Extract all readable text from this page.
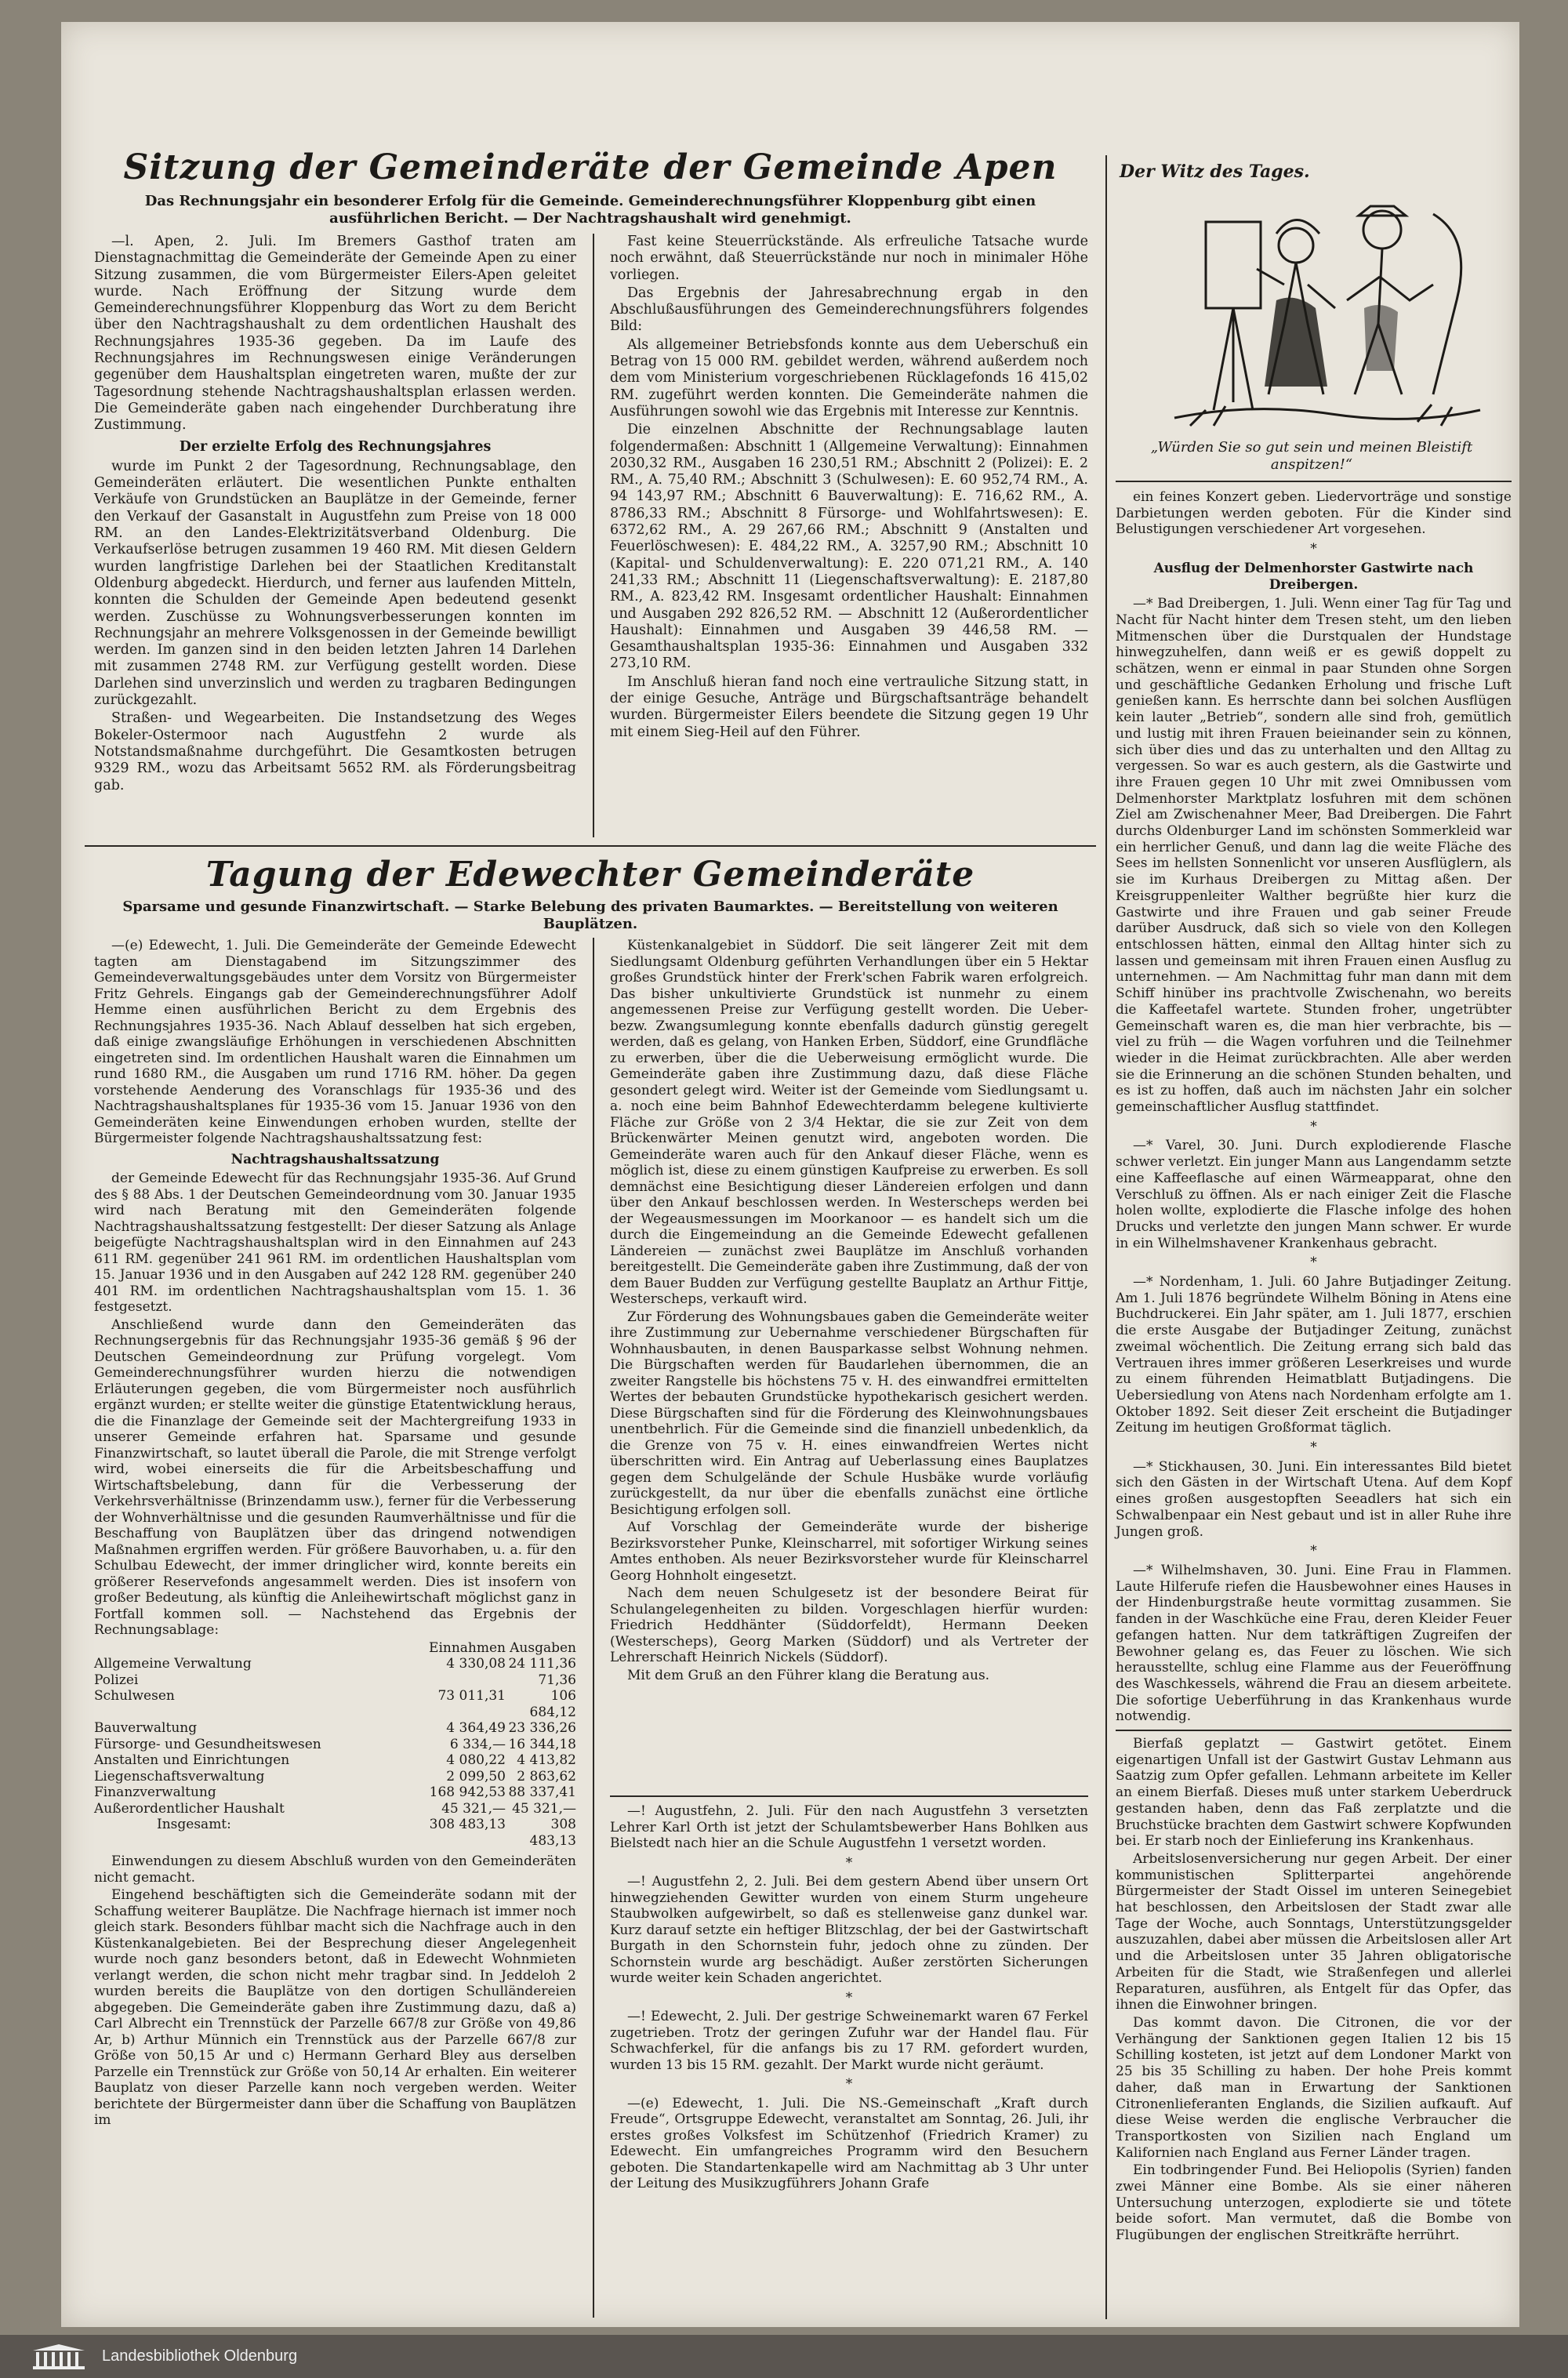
Sitzung der Gemeinderäte der Gemeinde Apen
Das Rechnungsjahr ein besonderer Erfolg für die Gemeinde. Gemeinderechnungsführer Kloppenburg gibt einen ausführlichen Bericht. — Der Nachtragshaushalt wird genehmigt.

—l. Apen, 2. Juli. Im Bremers Gasthof traten am Dienstagnachmittag die Gemeinderäte der Gemeinde Apen zu einer Sitzung zusammen, die vom Bürgermeister Eilers-Apen geleitet wurde. Nach Eröffnung der Sitzung wurde dem Gemeinderechnungsführer Kloppenburg das Wort zu dem Bericht über den Nachtragshaushalt zu dem ordentlichen Haushalt des Rechnungsjahres 1935-36 gegeben. Da im Laufe des Rechnungsjahres im Rechnungswesen einige Veränderungen gegenüber dem Haushaltsplan eingetreten waren, mußte der zur Tagesordnung stehende Nachtragshaushaltsplan erlassen werden. Die Gemeinderäte gaben nach eingehender Durchberatung ihre Zustimmung.

Der erzielte Erfolg des Rechnungsjahres

wurde im Punkt 2 der Tagesordnung, Rechnungsablage, den Gemeinderäten erläutert. Die wesentlichen Punkte enthalten Verkäufe von Grundstücken an Bauplätze in der Gemeinde, ferner den Verkauf der Gasanstalt in Augustfehn zum Preise von 18 000 RM. an den Landes-Elektrizitätsverband Oldenburg. Die Verkaufserlöse betrugen zusammen 19 460 RM. Mit diesen Geldern wurden langfristige Darlehen bei der Staatlichen Kreditanstalt Oldenburg abgedeckt. Hierdurch, und ferner aus laufenden Mitteln, konnten die Schulden der Gemeinde Apen bedeutend gesenkt werden. Zuschüsse zu Wohnungsverbesserungen konnten im Rechnungsjahr an mehrere Volksgenossen in der Gemeinde bewilligt werden. Im ganzen sind in den beiden letzten Jahren 14 Darlehen mit zusammen 2748 RM. zur Verfügung gestellt worden. Diese Darlehen sind unverzinslich und werden zu tragbaren Bedingungen zurückgezahlt.

Straßen- und Wegearbeiten. Die Instandsetzung des Weges Bokeler-Ostermoor nach Augustfehn 2 wurde als Notstandsmaßnahme durchgeführt. Die Gesamtkosten betrugen 9329 RM., wozu das Arbeitsamt 5652 RM. als Förderungsbeitrag gab.

Fast keine Steuerrückstände. Als erfreuliche Tatsache wurde noch erwähnt, daß Steuerrückstände nur noch in minimaler Höhe vorliegen.

Das Ergebnis der Jahresabrechnung ergab in den Abschlußausführungen des Gemeinderechnungsführers folgendes Bild:

Als allgemeiner Betriebsfonds konnte aus dem Ueberschuß ein Betrag von 15 000 RM. gebildet werden, während außerdem noch dem vom Ministerium vorgeschriebenen Rücklagefonds 16 415,02 RM. zugeführt werden konnten. Die Gemeinderäte nahmen die Ausführungen sowohl wie das Ergebnis mit Interesse zur Kenntnis.

Die einzelnen Abschnitte der Rechnungsablage lauten folgendermaßen: Abschnitt 1 (Allgemeine Verwaltung): Einnahmen 2030,32 RM., Ausgaben 16 230,51 RM.; Abschnitt 2 (Polizei): E. 2 RM., A. 75,40 RM.; Abschnitt 3 (Schulwesen): E. 60 952,74 RM., A. 94 143,97 RM.; Abschnitt 6 Bauverwaltung): E. 716,62 RM., A. 8786,33 RM.; Abschnitt 8 Fürsorge- und Wohlfahrtswesen): E. 6372,62 RM., A. 29 267,66 RM.; Abschnitt 9 (Anstalten und Feuerlöschwesen): E. 484,22 RM., A. 3257,90 RM.; Abschnitt 10 (Kapital- und Schuldenverwaltung): E. 220 071,21 RM., A. 140 241,33 RM.; Abschnitt 11 (Liegenschaftsverwaltung): E. 2187,80 RM., A. 823,42 RM. Insgesamt ordentlicher Haushalt: Einnahmen und Ausgaben 292 826,52 RM. — Abschnitt 12 (Außerordentlicher Haushalt): Einnahmen und Ausgaben 39 446,58 RM. — Gesamthaushaltsplan 1935-36: Einnahmen und Ausgaben 332 273,10 RM.

Im Anschluß hieran fand noch eine vertrauliche Sitzung statt, in der einige Gesuche, Anträge und Bürgschaftsanträge behandelt wurden. Bürgermeister Eilers beendete die Sitzung gegen 19 Uhr mit einem Sieg-Heil auf den Führer.

Tagung der Edewechter Gemeinderäte
Sparsame und gesunde Finanzwirtschaft. — Starke Belebung des privaten Baumarktes. — Bereitstellung von weiteren Bauplätzen.

—(e) Edewecht, 1. Juli. Die Gemeinderäte der Gemeinde Edewecht tagten am Dienstagabend im Sitzungszimmer des Gemeindeverwaltungsgebäudes unter dem Vorsitz von Bürgermeister Fritz Gehrels. Eingangs gab der Gemeinderechnungsführer Adolf Hemme einen ausführlichen Bericht zu dem Ergebnis des Rechnungsjahres 1935-36. Nach Ablauf desselben hat sich ergeben, daß einige zwangsläufige Erhöhungen in verschiedenen Abschnitten eingetreten sind. Im ordentlichen Haushalt waren die Einnahmen um rund 1680 RM., die Ausgaben um rund 1716 RM. höher. Da gegen vorstehende Aenderung des Voranschlags für 1935-36 und des Nachtragshaushaltsplanes für 1935-36 vom 15. Januar 1936 von den Gemeinderäten keine Einwendungen erhoben wurden, stellte der Bürgermeister folgende Nachtragshaushaltssatzung fest:

Nachtragshaushaltssatzung

der Gemeinde Edewecht für das Rechnungsjahr 1935-36. Auf Grund des § 88 Abs. 1 der Deutschen Gemeindeordnung vom 30. Januar 1935 wird nach Beratung mit den Gemeinderäten folgende Nachtragshaushaltssatzung festgestellt: Der dieser Satzung als Anlage beigefügte Nachtragshaushaltsplan wird in den Einnahmen auf 243 611 RM. gegenüber 241 961 RM. im ordentlichen Haushaltsplan vom 15. Januar 1936 und in den Ausgaben auf 242 128 RM. gegenüber 240 401 RM. im ordentlichen Nachtragshaushaltsplan vom 15. 1. 36 festgesetzt.

Anschließend wurde dann den Gemeinderäten das Rechnungsergebnis für das Rechnungsjahr 1935-36 gemäß § 96 der Deutschen Gemeindeordnung zur Prüfung vorgelegt. Vom Gemeinderechnungsführer wurden hierzu die notwendigen Erläuterungen gegeben, die vom Bürgermeister noch ausführlich ergänzt wurden; er stellte weiter die günstige Etatentwicklung heraus, die die Finanzlage der Gemeinde seit der Machtergreifung 1933 in unserer Gemeinde erfahren hat. Sparsame und gesunde Finanzwirtschaft, so lautet überall die Parole, die mit Strenge verfolgt wird, wobei einerseits die für die Arbeitsbeschaffung und Wirtschaftsbelebung, dann für die Verbesserung der Verkehrsverhältnisse (Brinzendamm usw.), ferner für die Verbesserung der Wohnverhältnisse und die gesunden Raumverhältnisse und für die Beschaffung von Bauplätzen über das dringend notwendigen Maßnahmen ergriffen werden. Für größere Bauvorhaben, u. a. für den Schulbau Edewecht, der immer dringlicher wird, konnte bereits ein größerer Reservefonds angesammelt werden. Dies ist insofern von großer Bedeutung, als künftig die Anleihewirtschaft möglichst ganz in Fortfall kommen soll. — Nachstehend das Ergebnis der Rechnungsablage:

	Einnahmen	Ausgaben
Allgemeine Verwaltung	4 330,08	24 111,36
Polizei		71,36
Schulwesen	73 011,31	106 684,12
Bauverwaltung	4 364,49	23 336,26
Fürsorge- und Gesundheitswesen	6 334,—	16 344,18
Anstalten und Einrichtungen	4 080,22	4 413,82
Liegenschaftsverwaltung	2 099,50	2 863,62
Finanzverwaltung	168 942,53	88 337,41
Außerordentlicher Haushalt	45 321,—	45 321,—
Insgesamt:	308 483,13	308 483,13

Einwendungen zu diesem Abschluß wurden von den Gemeinderäten nicht gemacht.

Eingehend beschäftigten sich die Gemeinderäte sodann mit der Schaffung weiterer Bauplätze. Die Nachfrage hiernach ist immer noch gleich stark. Besonders fühlbar macht sich die Nachfrage auch in den Küstenkanalgebieten. Bei der Besprechung dieser Angelegenheit wurde noch ganz besonders betont, daß in Edewecht Wohnmieten verlangt werden, die schon nicht mehr tragbar sind. In Jeddeloh 2 wurden bereits die Bauplätze von den dortigen Schulländereien abgegeben. Die Gemeinderäte gaben ihre Zustimmung dazu, daß a) Carl Albrecht ein Trennstück der Parzelle 667/8 zur Größe von 49,86 Ar, b) Arthur Münnich ein Trennstück aus der Parzelle 667/8 zur Größe von 50,15 Ar und c) Hermann Gerhard Bley aus derselben Parzelle ein Trennstück zur Größe von 50,14 Ar erhalten. Ein weiterer Bauplatz von dieser Parzelle kann noch vergeben werden. Weiter berichtete der Bürgermeister dann über die Schaffung von Bauplätzen im

Küstenkanalgebiet in Süddorf. Die seit längerer Zeit mit dem Siedlungsamt Oldenburg geführten Verhandlungen über ein 5 Hektar großes Grundstück hinter der Frerk'schen Fabrik waren erfolgreich. Das bisher unkultivierte Grundstück ist nunmehr zu einem angemessenen Preise zur Verfügung gestellt worden. Die Ueber- bezw. Zwangsumlegung konnte ebenfalls dadurch günstig geregelt werden, daß es gelang, von Hanken Erben, Süddorf, eine Grundfläche zu erwerben, über die die Ueberweisung ermöglicht wurde. Die Gemeinderäte gaben ihre Zustimmung dazu, daß diese Fläche gesondert gelegt wird. Weiter ist der Gemeinde vom Siedlungsamt u. a. noch eine beim Bahnhof Edewechterdamm belegene kultivierte Fläche zur Größe von 2 3/4 Hektar, die sie zur Zeit von dem Brückenwärter Meinen genutzt wird, angeboten worden. Die Gemeinderäte waren auch für den Ankauf dieser Fläche, wenn es möglich ist, diese zu einem günstigen Kaufpreise zu erwerben. Es soll demnächst eine Besichtigung dieser Ländereien erfolgen und dann über den Ankauf beschlossen werden. In Westerscheps werden bei der Wegeausmessungen im Moorkanoor — es handelt sich um die durch die Eingemeindung an die Gemeinde Edewecht gefallenen Ländereien — zunächst zwei Bauplätze im Anschluß vorhanden bereitgestellt. Die Gemeinderäte gaben ihre Zustimmung, daß der von dem Bauer Budden zur Verfügung gestellte Bauplatz an Arthur Fittje, Westerscheps, verkauft wird.

Zur Förderung des Wohnungsbaues gaben die Gemeinderäte weiter ihre Zustimmung zur Uebernahme verschiedener Bürgschaften für Wohnhausbauten, in denen Bausparkasse selbst Wohnung nehmen. Die Bürgschaften werden für Baudarlehen übernommen, die an zweiter Rangstelle bis höchstens 75 v. H. des einwandfrei ermittelten Wertes der bebauten Grundstücke hypothekarisch gesichert werden. Diese Bürgschaften sind für die Förderung des Kleinwohnungsbaues unentbehrlich. Für die Gemeinde sind die finanziell unbedenklich, da die Grenze von 75 v. H. eines einwandfreien Wertes nicht überschritten wird. Ein Antrag auf Ueberlassung eines Bauplatzes gegen dem Schulgelände der Schule Husbäke wurde vorläufig zurückgestellt, da nur über die ebenfalls zunächst eine örtliche Besichtigung erfolgen soll.

Auf Vorschlag der Gemeinderäte wurde der bisherige Bezirksvorsteher Punke, Kleinscharrel, mit sofortiger Wirkung seines Amtes enthoben. Als neuer Bezirksvorsteher wurde für Kleinscharrel Georg Hohnholt eingesetzt.

Nach dem neuen Schulgesetz ist der besondere Beirat für Schulangelegenheiten zu bilden. Vorgeschlagen hierfür wurden: Friedrich Heddhänter (Süddorfeldt), Hermann Deeken (Westerscheps), Georg Marken (Süddorf) und als Vertreter der Lehrerschaft Heinrich Nickels (Süddorf).

Mit dem Gruß an den Führer klang die Beratung aus.

—! Augustfehn, 2. Juli. Für den nach Augustfehn 3 versetzten Lehrer Karl Orth ist jetzt der Schulamtsbewerber Hans Bohlken aus Bielstedt nach hier an die Schule Augustfehn 1 versetzt worden.

*

—! Augustfehn 2, 2. Juli. Bei dem gestern Abend über unsern Ort hinwegziehenden Gewitter wurden von einem Sturm ungeheure Staubwolken aufgewirbelt, so daß es stellenweise ganz dunkel war. Kurz darauf setzte ein heftiger Blitzschlag, der bei der Gastwirtschaft Burgath in den Schornstein fuhr, jedoch ohne zu zünden. Der Schornstein wurde arg beschädigt. Außer zerstörten Sicherungen wurde weiter kein Schaden angerichtet.

*

—! Edewecht, 2. Juli. Der gestrige Schweinemarkt waren 67 Ferkel zugetrieben. Trotz der geringen Zufuhr war der Handel flau. Für Schwachferkel, für die anfangs bis zu 17 RM. gefordert wurden, wurden 13 bis 15 RM. gezahlt. Der Markt wurde nicht geräumt.

*

—(e) Edewecht, 1. Juli. Die NS.-Gemeinschaft „Kraft durch Freude“, Ortsgruppe Edewecht, veranstaltet am Sonntag, 26. Juli, ihr erstes großes Volksfest im Schützenhof (Friedrich Kramer) zu Edewecht. Ein umfangreiches Programm wird den Besuchern geboten. Die Standartenkapelle wird am Nachmittag ab 3 Uhr unter der Leitung des Musikzugführers Johann Grafe

Der Witz des Tages.
„Würden Sie so gut sein und meinen Bleistift anspitzen!“

ein feines Konzert geben. Liedervorträge und sonstige Darbietungen werden geboten. Für die Kinder sind Belustigungen verschiedener Art vorgesehen.

*

Ausflug der Delmenhorster Gastwirte nach Dreibergen.

—* Bad Dreibergen, 1. Juli. Wenn einer Tag für Tag und Nacht für Nacht hinter dem Tresen steht, um den lieben Mitmenschen über die Durstqualen der Hundstage hinwegzuhelfen, dann weiß er es gewiß doppelt zu schätzen, wenn er einmal in paar Stunden ohne Sorgen und geschäftliche Gedanken Erholung und frische Luft genießen kann. Es herrschte dann bei solchen Ausflügen kein lauter „Betrieb“, sondern alle sind froh, gemütlich und lustig mit ihren Frauen beieinander sein zu können, sich über dies und das zu unterhalten und den Alltag zu vergessen. So war es auch gestern, als die Gastwirte und ihre Frauen gegen 10 Uhr mit zwei Omnibussen vom Delmenhorster Marktplatz losfuhren mit dem schönen Ziel am Zwischenahner Meer, Bad Dreibergen. Die Fahrt durchs Oldenburger Land im schönsten Sommerkleid war ein herrlicher Genuß, und dann lag die weite Fläche des Sees im hellsten Sonnenlicht vor unseren Ausflüglern, als sie im Kurhaus Dreibergen zu Mittag aßen. Der Kreisgruppenleiter Walther begrüßte hier kurz die Gastwirte und ihre Frauen und gab seiner Freude darüber Ausdruck, daß sich so viele von den Kollegen entschlossen hätten, einmal den Alltag hinter sich zu lassen und gemeinsam mit ihren Frauen einen Ausflug zu unternehmen. — Am Nachmittag fuhr man dann mit dem Schiff hinüber ins prachtvolle Zwischenahn, wo bereits die Kaffeetafel wartete. Stunden froher, ungetrübter Gemeinschaft waren es, die man hier verbrachte, bis — viel zu früh — die Wagen vorfuhren und die Teilnehmer wieder in die Heimat zurückbrachten. Alle aber werden sie die Erinnerung an die schönen Stunden behalten, und es ist zu hoffen, daß auch im nächsten Jahr ein solcher gemeinschaftlicher Ausflug stattfindet.

*

—* Varel, 30. Juni. Durch explodierende Flasche schwer verletzt. Ein junger Mann aus Langendamm setzte eine Kaffeeflasche auf einen Wärmeapparat, ohne den Verschluß zu öffnen. Als er nach einiger Zeit die Flasche holen wollte, explodierte die Flasche infolge des hohen Drucks und verletzte den jungen Mann schwer. Er wurde in ein Wilhelmshavener Krankenhaus gebracht.

*

—* Nordenham, 1. Juli. 60 Jahre Butjadinger Zeitung. Am 1. Juli 1876 begründete Wilhelm Böning in Atens eine Buchdruckerei. Ein Jahr später, am 1. Juli 1877, erschien die erste Ausgabe der Butjadinger Zeitung, zunächst zweimal wöchentlich. Die Zeitung errang sich bald das Vertrauen ihres immer größeren Leserkreises und wurde zu einem führenden Heimatblatt Butjadingens. Die Uebersiedlung von Atens nach Nordenham erfolgte am 1. Oktober 1892. Seit dieser Zeit erscheint die Butjadinger Zeitung im heutigen Großformat täglich.

*

—* Stickhausen, 30. Juni. Ein interessantes Bild bietet sich den Gästen in der Wirtschaft Utena. Auf dem Kopf eines großen ausgestopften Seeadlers hat sich ein Schwalbenpaar ein Nest gebaut und ist in aller Ruhe ihre Jungen groß.

*

—* Wilhelmshaven, 30. Juni. Eine Frau in Flammen. Laute Hilferufe riefen die Hausbewohner eines Hauses in der Hindenburgstraße heute vormittag zusammen. Sie fanden in der Waschküche eine Frau, deren Kleider Feuer gefangen hatten. Nur dem tatkräftigen Zugreifen der Bewohner gelang es, das Feuer zu löschen. Wie sich herausstellte, schlug eine Flamme aus der Feueröffnung des Waschkessels, während die Frau an diesem arbeitete. Die sofortige Ueberführung in das Krankenhaus wurde notwendig.

Bierfaß geplatzt — Gastwirt getötet. Einem eigenartigen Unfall ist der Gastwirt Gustav Lehmann aus Saatzig zum Opfer gefallen. Lehmann arbeitete im Keller an einem Bierfaß. Dieses muß unter starkem Ueberdruck gestanden haben, denn das Faß zerplatzte und die Bruchstücke brachten dem Gastwirt schwere Kopfwunden bei. Er starb noch der Einlieferung ins Krankenhaus.

Arbeitslosenversicherung nur gegen Arbeit. Der einer kommunistischen Splitterpartei angehörende Bürgermeister der Stadt Oissel im unteren Seinegebiet hat beschlossen, den Arbeitslosen der Stadt zwar alle Tage der Woche, auch Sonntags, Unterstützungsgelder auszuzahlen, dabei aber müssen die Arbeitslosen aller Art und die Arbeitslosen unter 35 Jahren obligatorische Arbeiten für die Stadt, wie Straßenfegen und allerlei Reparaturen, ausführen, als Entgelt für das Opfer, das ihnen die Einwohner bringen.

Das kommt davon. Die Citronen, die vor der Verhängung der Sanktionen gegen Italien 12 bis 15 Schilling kosteten, ist jetzt auf dem Londoner Markt von 25 bis 35 Schilling zu haben. Der hohe Preis kommt daher, daß man in Erwartung der Sanktionen Citronenlieferanten Englands, die Sizilien aufkauft. Auf diese Weise werden die englische Verbraucher die Transportkosten von Sizilien nach England um Kalifornien nach England aus Ferner Länder tragen.

Ein todbringender Fund. Bei Heliopolis (Syrien) fanden zwei Männer eine Bombe. Als sie einer näheren Untersuchung unterzogen, explodierte sie und tötete beide sofort. Man vermutet, daß die Bombe von Flugübungen der englischen Streitkräfte herrührt.

Landesbibliothek Oldenburg
